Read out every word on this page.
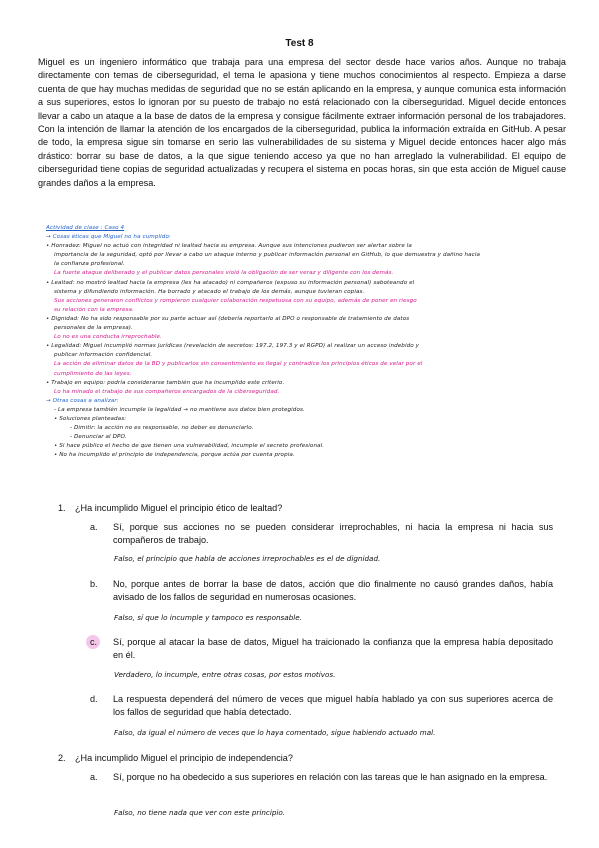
Test 8
Miguel es un ingeniero informático que trabaja para una empresa del sector desde hace varios años. Aunque no trabaja directamente con temas de ciberseguridad, el tema le apasiona y tiene muchos conocimientos al respecto. Empieza a darse cuenta de que hay muchas medidas de seguridad que no se están aplicando en la empresa, y aunque comunica esta información a sus superiores, estos lo ignoran por su puesto de trabajo no está relacionado con la ciberseguridad. Miguel decide entonces llevar a cabo un ataque a la base de datos de la empresa y consigue fácilmente extraer información personal de los trabajadores. Con la intención de llamar la atención de los encargados de la ciberseguridad, publica la información extraída en GitHub. A pesar de todo, la empresa sigue sin tomarse en serio las vulnerabilidades de su sistema y Miguel decide entonces hacer algo más drástico: borrar su base de datos, a la que sigue teniendo acceso ya que no han arreglado la vulnerabilidad. El equipo de ciberseguridad tiene copias de seguridad actualizadas y recupera el sistema en pocas horas, sin que esta acción de Miguel cause grandes daños a la empresa.
Actividad de clase : Caso 4
→ Cosas éticas que Miguel no ha cumplido:
• Honradez: Miguel no actuó con integridad ni lealtad hacia su empresa. Aunque sus intenciones pudieron ser alertar sobre la
importancia de la seguridad, optó por llevar a cabo un ataque interno y publicar información personal en GitHub, lo que demuestra y dañino hacia
la confianza profesional.
La fuerte ataque deliberado y el publicar datos personales violó la obligación de ser veraz y diligente con los demás.
• Lealtad: no mostró lealtad hacia la empresa (les ha atacado) ni compañeros (expuso su información personal) saboteando el
sistema y difundiendo información. Ha borrado y atacado el trabajo de los demás, aunque tuvieran copias.
Sus acciones generaron conflictos y rompieron cualquier colaboración respetuosa con su equipo, además de poner en riesgo
su relación con la empresa.
• Dignidad: No ha sido responsable por su parte actuar así (debería reportarlo al DPO o responsable de tratamiento de datos
personales de la empresa).
Lo no es una conducta irreprochable.
• Legalidad: Miguel incumplió normas jurídicas (revelación de secretos: 197.2, 197.3 y el RGPD) al realizar un acceso indebido y
publicar información confidencial.
La acción de eliminar datos de la BD y publicarlos sin consentimiento es ilegal y contradice los principios éticos de velar por el
cumplimiento de las leyes.
• Trabajo en equipo: podría considerarse también que ha incumplido este criterio.
Lo ha minado el trabajo de sus compañeros encargados de la ciberseguridad.
→ Otras cosas a analizar:
- La empresa también incumple la legalidad → no mantiene sus datos bien protegidos.
• Soluciones planteadas:
- Dimitir: la acción no es responsable, no deber es denunciarlo.
- Denunciar al DPO.
• Si hace público el hecho de que tienen una vulnerabilidad, incumple el secreto profesional.
• No ha incumplido el principio de independencia, porque actúa por cuenta propia.
1. ¿Ha incumplido Miguel el principio ético de lealtad?
a. Sí, porque sus acciones no se pueden considerar irreprochables, ni hacia la empresa ni hacia sus compañeros de trabajo.
Falso, el principio que habla de acciones irreprochables es el de dignidad.
b. No, porque antes de borrar la base de datos, acción que dio finalmente no causó grandes daños, había avisado de los fallos de seguridad en numerosas ocasiones.
Falso, sí que lo incumple y tampoco es responsable.
c. Sí, porque al atacar la base de datos, Miguel ha traicionado la confianza que la empresa había depositado en él.
Verdadero, lo incumple, entre otras cosas, por estos motivos.
d. La respuesta dependerá del número de veces que miguel había hablado ya con sus superiores acerca de los fallos de seguridad que había detectado.
Falso, da igual el número de veces que lo haya comentado, sigue habiendo actuado mal.
2. ¿Ha incumplido Miguel el principio de independencia?
a. Sí, porque no ha obedecido a sus superiores en relación con las tareas que le han asignado en la empresa.
Falso, no tiene nada que ver con este principio.
